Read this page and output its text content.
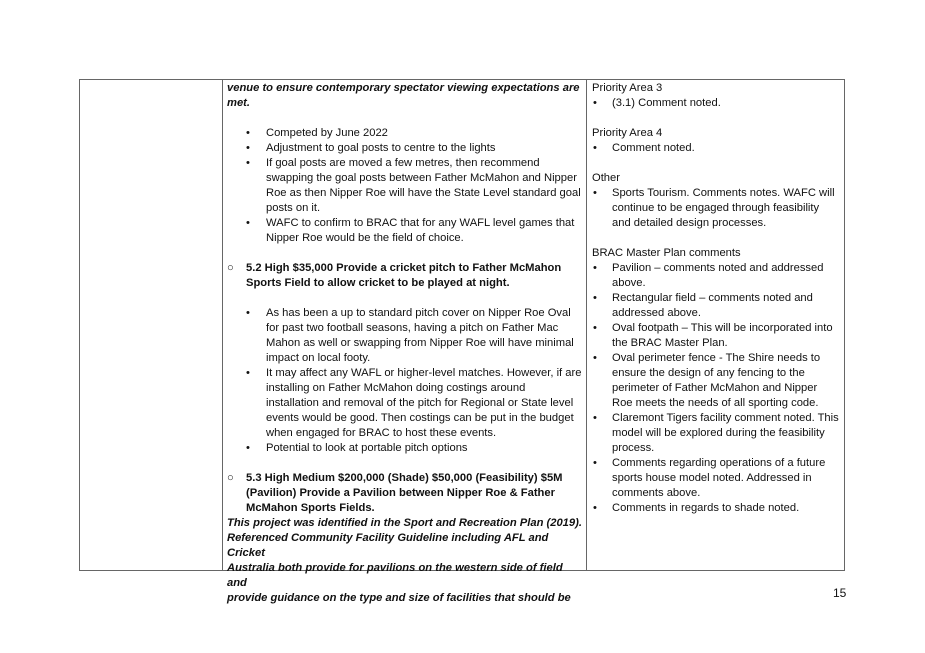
venue to ensure contemporary spectator viewing expectations are

met.

• Competed by June 2022

• Adjustment to goal posts to centre to the lights

• If goal posts are moved a few metres, then recommend

swapping the goal posts between Father McMahon and Nipper

Roe as then Nipper Roe will have the State Level standard goal

posts on it.

• WAFC to confirm to BRAC that for any WAFL level games that

Nipper Roe would be the field of choice.

○ 5.2 High $35,000 Provide a cricket pitch to Father McMahon

Sports Field to allow cricket to be played at night.

• As has been a up to standard pitch cover on Nipper Roe Oval

for past two football seasons, having a pitch on Father Mac

Mahon as well or swapping from Nipper Roe will have minimal

impact on local footy.

• It may affect any WAFL or higher-level matches. However, if are

installing on Father McMahon doing costings around

installation and removal of the pitch for Regional or State level

events would be good. Then costings can be put in the budget

when engaged for BRAC to host these events.

• Potential to look at portable pitch options

○ 5.3 High Medium $200,000 (Shade) $50,000 (Feasibility) $5M

(Pavilion) Provide a Pavilion between Nipper Roe & Father

McMahon Sports Fields.

This project was identified in the Sport and Recreation Plan (2019).

Referenced Community Facility Guideline including AFL and Cricket

Australia both provide for pavilions on the western side of field and

provide guidance on the type and size of facilities that should be

Priority Area 3

• (3.1) Comment noted.

Priority Area 4

• Comment noted.

Other

• Sports Tourism. Comments notes. WAFC will

continue to be engaged through feasibility

and detailed design processes.

BRAC Master Plan comments

• Pavilion – comments noted and addressed

above.

• Rectangular field – comments noted and

addressed above.

• Oval footpath – This will be incorporated into

the BRAC Master Plan.

• Oval perimeter fence - The Shire needs to

ensure the design of any fencing to the

perimeter of Father McMahon and Nipper

Roe meets the needs of all sporting code.

• Claremont Tigers facility comment noted. This

model will be explored during the feasibility

process.

• Comments regarding operations of a future

sports house model noted. Addressed in

comments above.

• Comments in regards to shade noted.

15
